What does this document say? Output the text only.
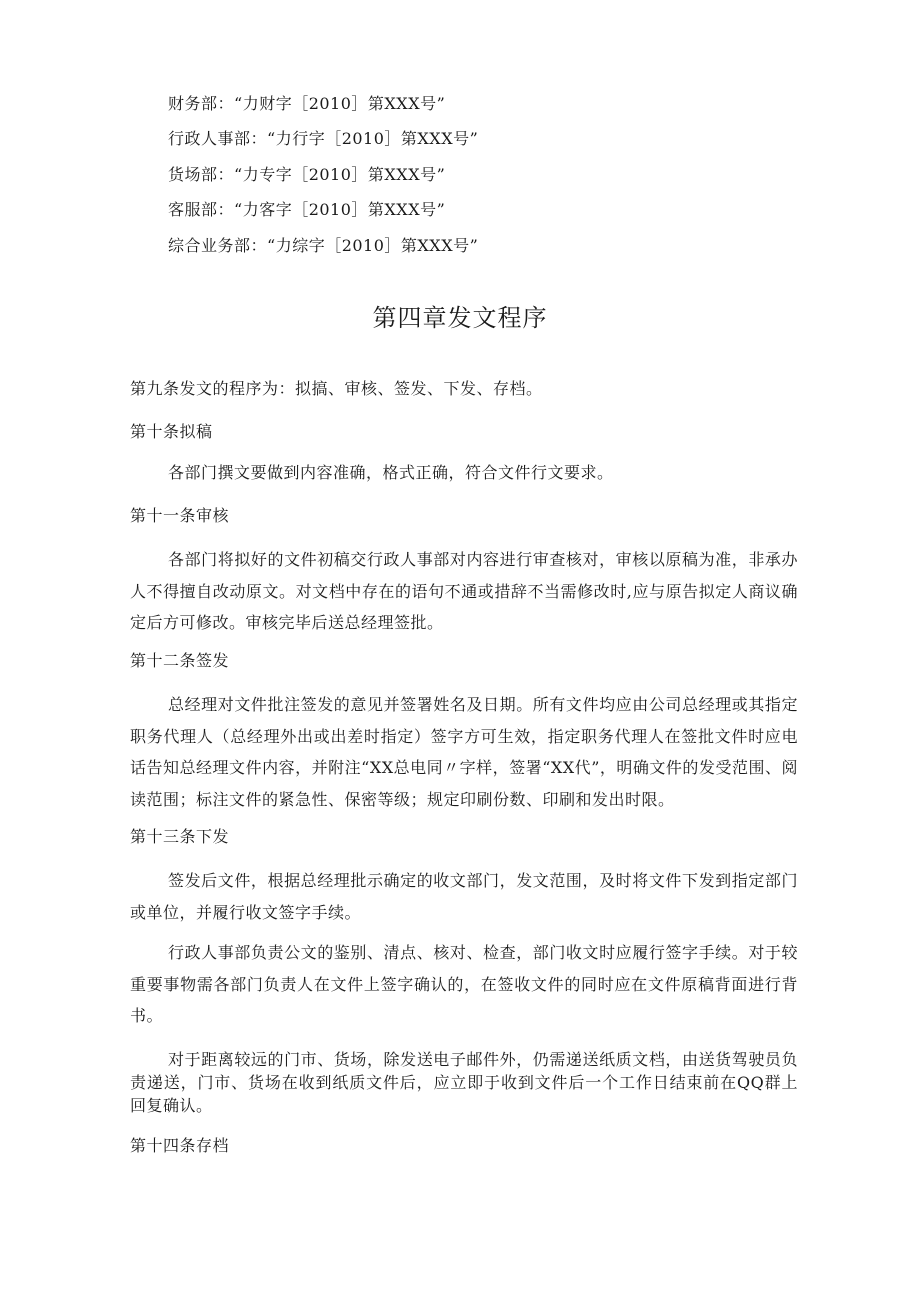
财务部：“力财字［2010］第XXX号”
行政人事部：“力行字［2010］第XXX号”
货场部：“力专字［2010］第XXX号”
客服部：“力客字［2010］第XXX号”
综合业务部：“力综字［2010］第XXX号”
第四章发文程序
第九条发文的程序为：拟搞、审核、签发、下发、存档。
第十条拟稿
各部门撰文要做到内容准确，格式正确，符合文件行文要求。
第十一条审核
各部门将拟好的文件初稿交行政人事部对内容进行审查核对，审核以原稿为准，非承办人不得擅自改动原文。对文档中存在的语句不通或措辞不当需修改时,应与原告拟定人商议确定后方可修改。审核完毕后送总经理签批。
第十二条签发
总经理对文件批注签发的意见并签署姓名及日期。所有文件均应由公司总经理或其指定职务代理人（总经理外出或出差时指定）签字方可生效，指定职务代理人在签批文件时应电话告知总经理文件内容，并附注“XX总电同〃字样，签署“XX代”，明确文件的发受范围、阅读范围；标注文件的紧急性、保密等级；规定印刷份数、印刷和发出时限。
第十三条下发
签发后文件，根据总经理批示确定的收文部门，发文范围，及时将文件下发到指定部门或单位，并履行收文签字手续。
行政人事部负责公文的鉴别、清点、核对、检查，部门收文时应履行签字手续。对于较重要事物需各部门负责人在文件上签字确认的，在签收文件的同时应在文件原稿背面进行背书。
对于距离较远的门市、货场，除发送电子邮件外，仍需递送纸质文档，由送货驾驶员负责递送，门市、货场在收到纸质文件后，应立即于收到文件后一个工作日结束前在QQ群上回复确认。
第十四条存档
